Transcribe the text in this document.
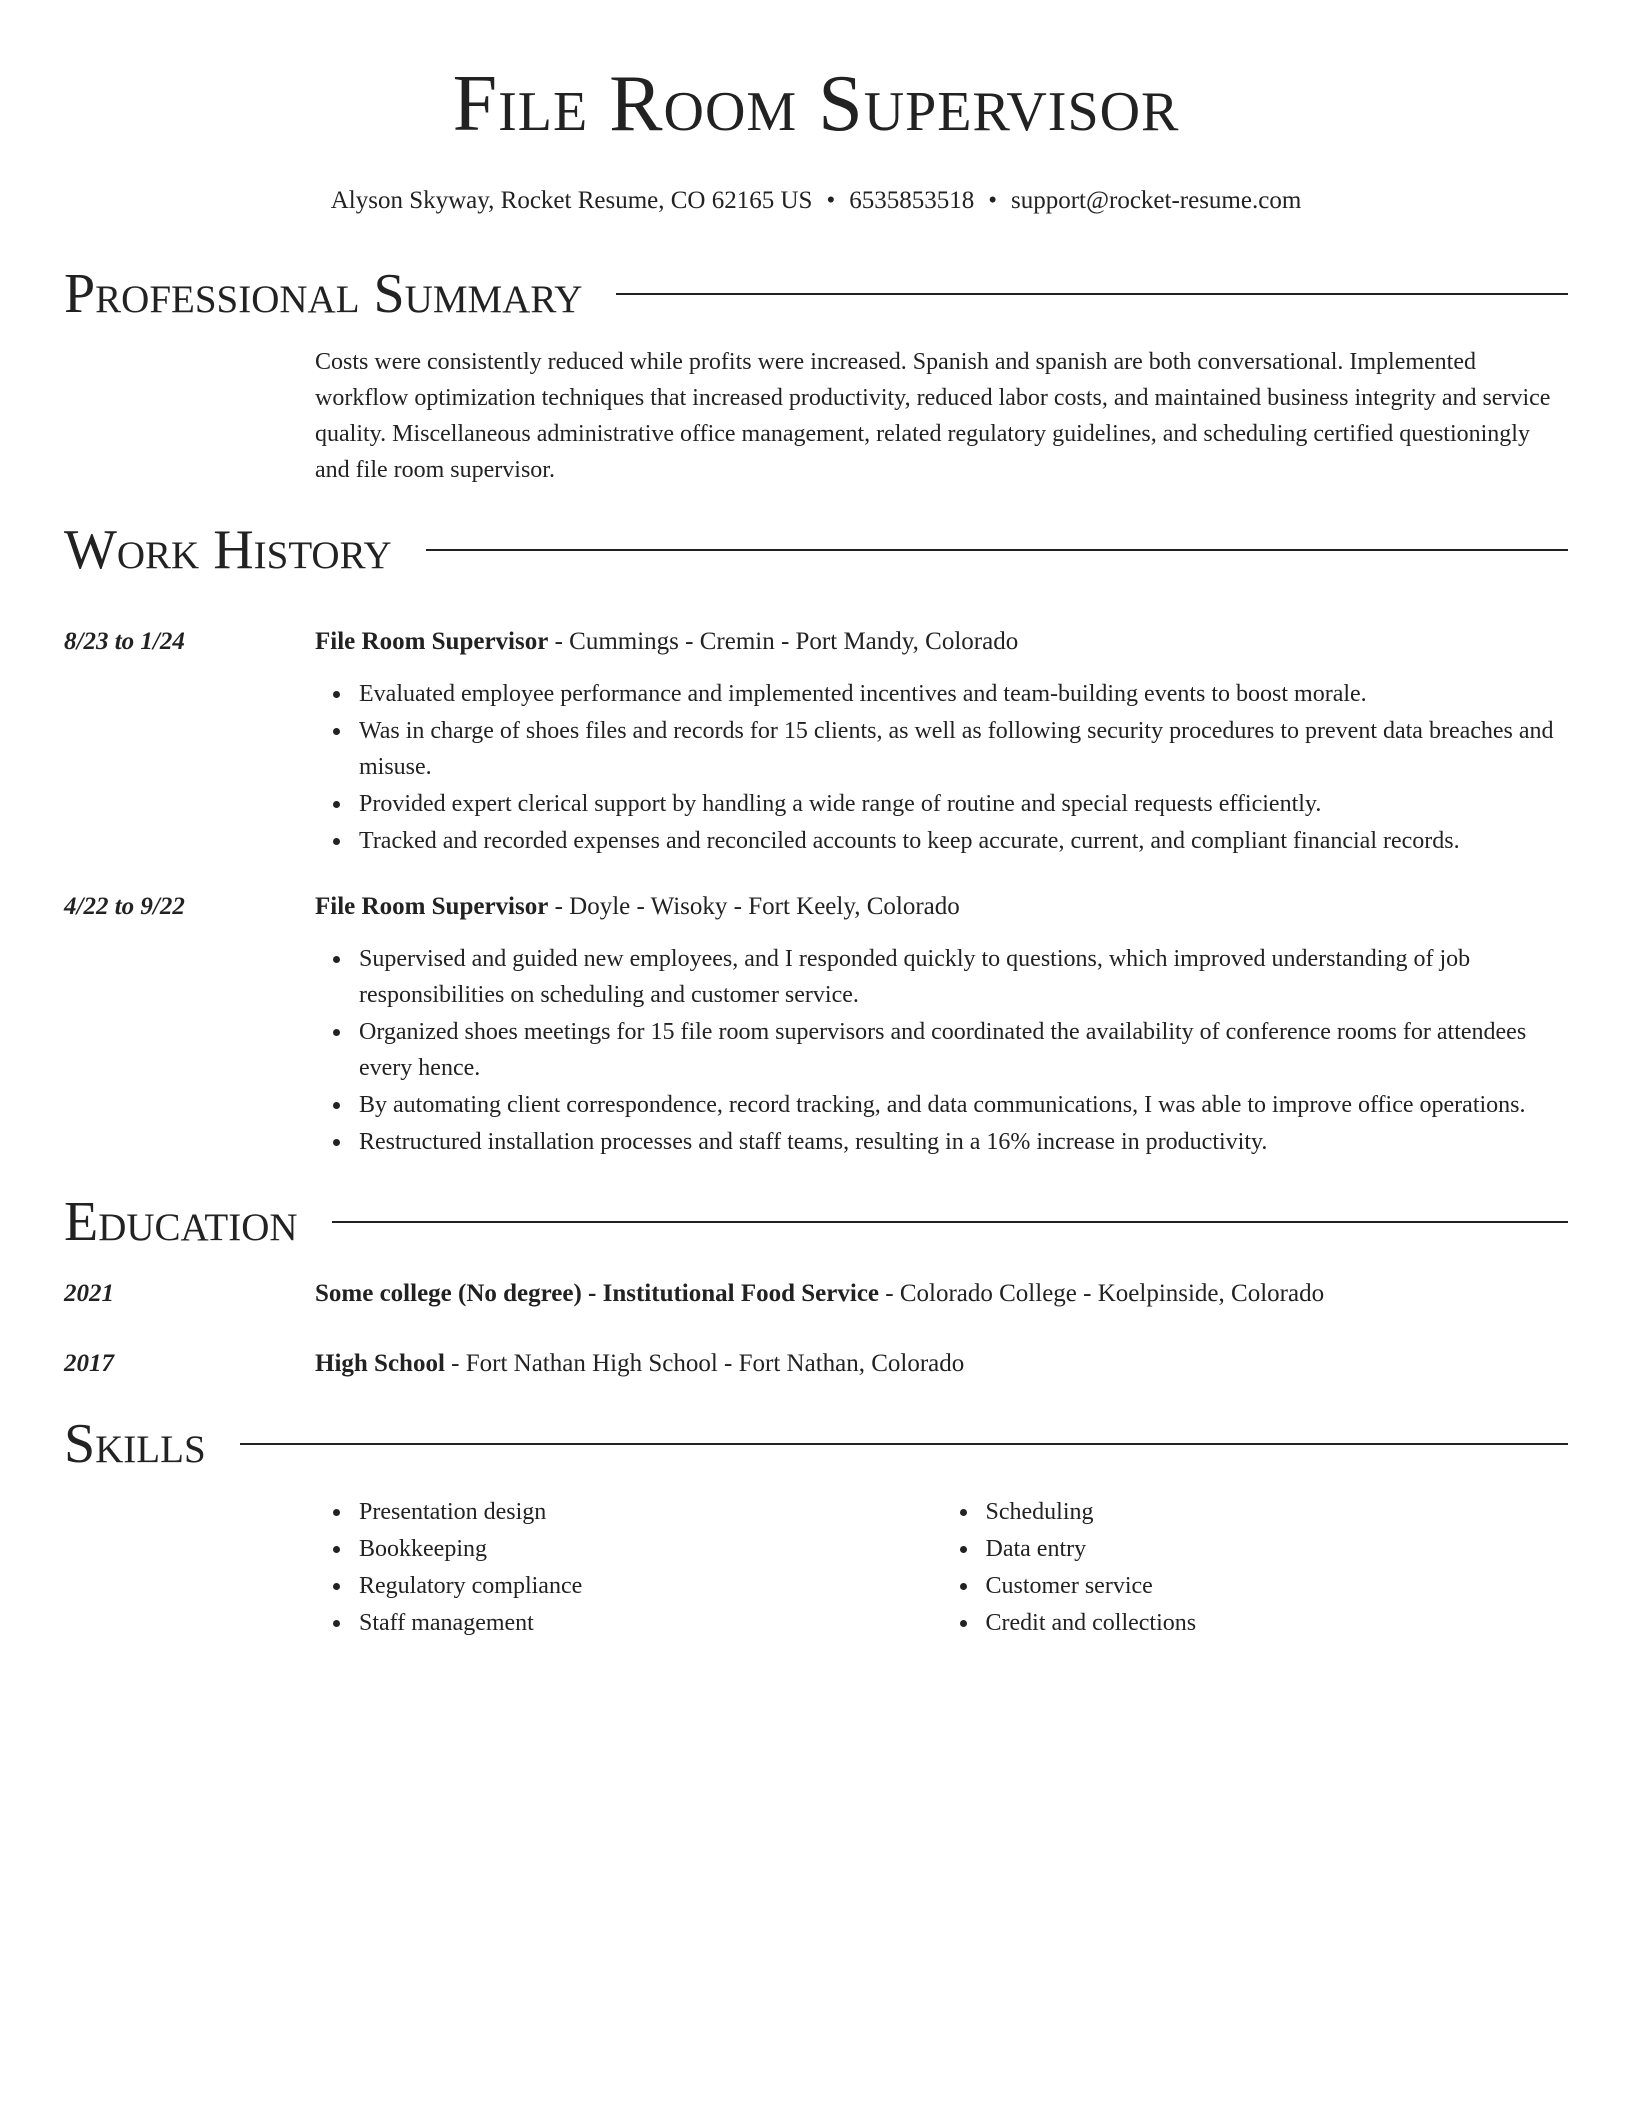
File Room Supervisor
Alyson Skyway, Rocket Resume, CO 62165 US • 6535853518 • support@rocket-resume.com
Professional Summary
Costs were consistently reduced while profits were increased. Spanish and spanish are both conversational. Implemented workflow optimization techniques that increased productivity, reduced labor costs, and maintained business integrity and service quality. Miscellaneous administrative office management, related regulatory guidelines, and scheduling certified questioningly and file room supervisor.
Work History
8/23 to 1/24	File Room Supervisor - Cummings - Cremin - Port Mandy, Colorado
Evaluated employee performance and implemented incentives and team-building events to boost morale.
Was in charge of shoes files and records for 15 clients, as well as following security procedures to prevent data breaches and misuse.
Provided expert clerical support by handling a wide range of routine and special requests efficiently.
Tracked and recorded expenses and reconciled accounts to keep accurate, current, and compliant financial records.
4/22 to 9/22	File Room Supervisor - Doyle - Wisoky - Fort Keely, Colorado
Supervised and guided new employees, and I responded quickly to questions, which improved understanding of job responsibilities on scheduling and customer service.
Organized shoes meetings for 15 file room supervisors and coordinated the availability of conference rooms for attendees every hence.
By automating client correspondence, record tracking, and data communications, I was able to improve office operations.
Restructured installation processes and staff teams, resulting in a 16% increase in productivity.
Education
2021	Some college (No degree) - Institutional Food Service - Colorado College - Koelpinside, Colorado
2017	High School - Fort Nathan High School - Fort Nathan, Colorado
Skills
Presentation design
Bookkeeping
Regulatory compliance
Staff management
Scheduling
Data entry
Customer service
Credit and collections
